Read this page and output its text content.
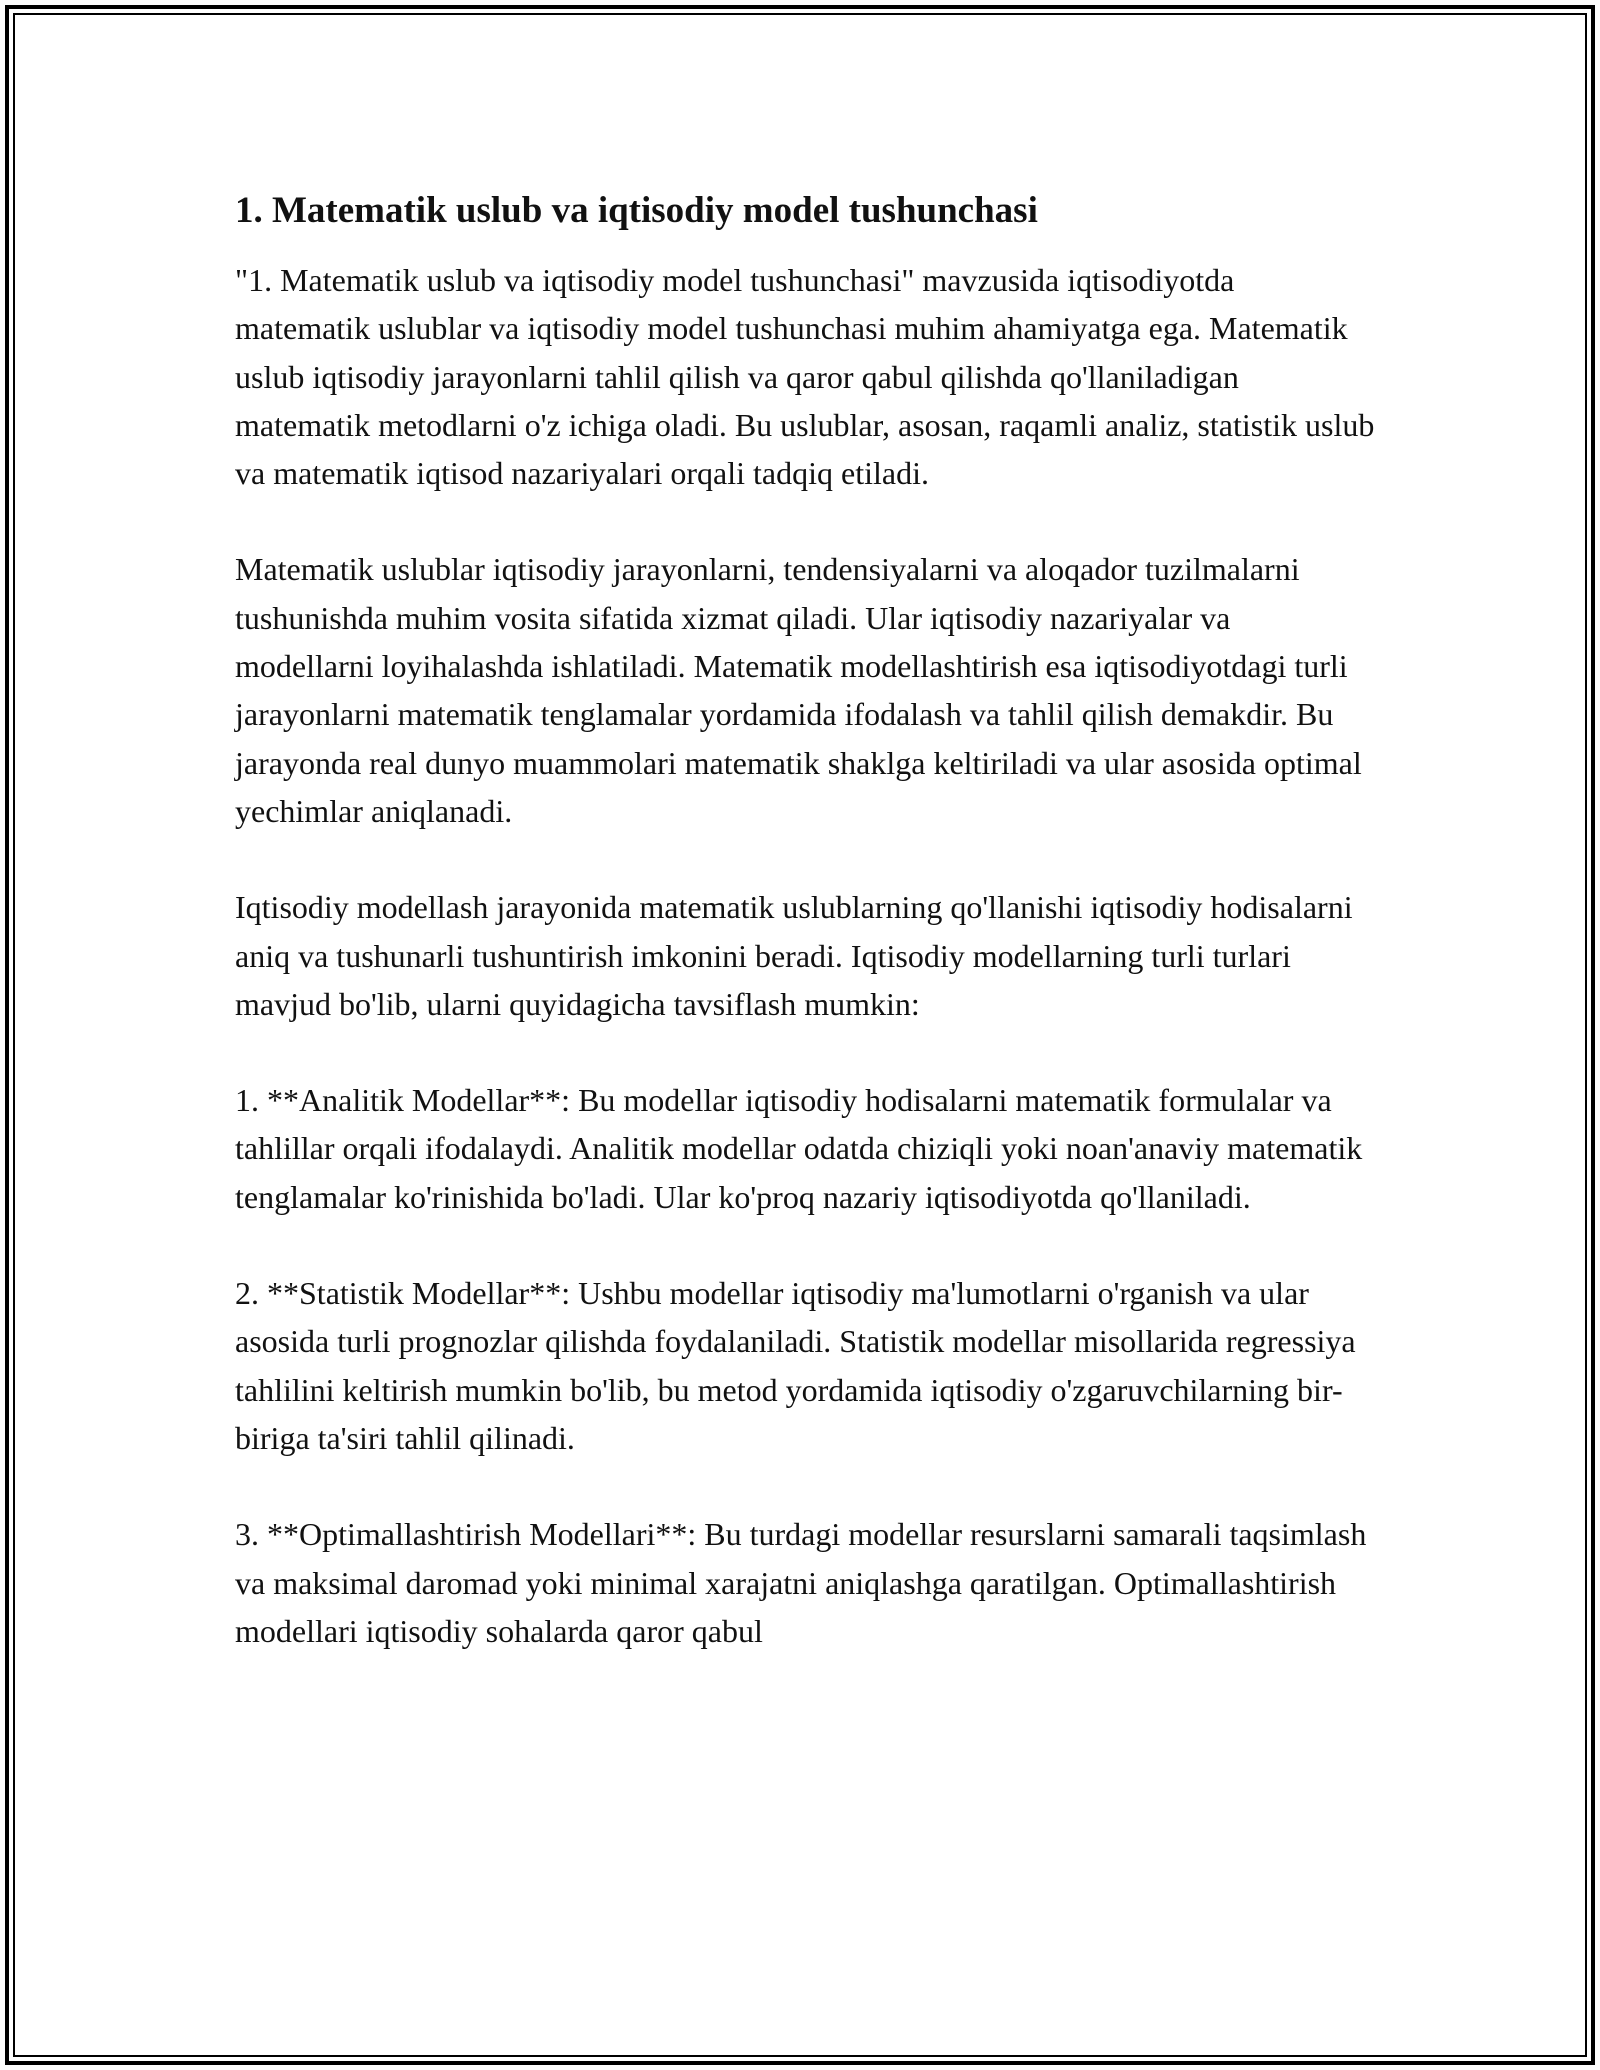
1. Matematik uslub va iqtisodiy model tushunchasi

"1. Matematik uslub va iqtisodiy model tushunchasi" mavzusida iqtisodiyotda matematik uslublar va iqtisodiy model tushunchasi muhim ahamiyatga ega. Matematik uslub iqtisodiy jarayonlarni tahlil qilish va qaror qabul qilishda qo'llaniladigan matematik metodlarni o'z ichiga oladi. Bu uslublar, asosan, raqamli analiz, statistik uslub va matematik iqtisod nazariyalari orqali tadqiq etiladi.

Matematik uslublar iqtisodiy jarayonlarni, tendensiyalarni va aloqador tuzilmalarni tushunishda muhim vosita sifatida xizmat qiladi. Ular iqtisodiy nazariyalar va modellarni loyihalashda ishlatiladi. Matematik modellashtirish esa iqtisodiyotdagi turli jarayonlarni matematik tenglamalar yordamida ifodalash va tahlil qilish demakdir. Bu jarayonda real dunyo muammolari matematik shaklga keltiriladi va ular asosida optimal yechimlar aniqlanadi.

Iqtisodiy modellash jarayonida matematik uslublarning qo'llanishi iqtisodiy hodisalarni aniq va tushunarli tushuntirish imkonini beradi. Iqtisodiy modellarning turli turlari mavjud bo'lib, ularni quyidagicha tavsiflash mumkin:

1. **Analitik Modellar**: Bu modellar iqtisodiy hodisalarni matematik formulalar va tahlillar orqali ifodalaydi. Analitik modellar odatda chiziqli yoki noan'anaviy matematik tenglamalar ko'rinishida bo'ladi. Ular ko'proq nazariy iqtisodiyotda qo'llaniladi.

2. **Statistik Modellar**: Ushbu modellar iqtisodiy ma'lumotlarni o'rganish va ular asosida turli prognozlar qilishda foydalaniladi. Statistik modellar misollarida regressiya tahlilini keltirish mumkin bo'lib, bu metod yordamida iqtisodiy o'zgaruvchilarning bir-biriga ta'siri tahlil qilinadi.

3. **Optimallashtirish Modellari**: Bu turdagi modellar resurslarni samarali taqsimlash va maksimal daromad yoki minimal xarajatni aniqlashga qaratilgan. Optimallashtirish modellari iqtisodiy sohalarda qaror qabul
